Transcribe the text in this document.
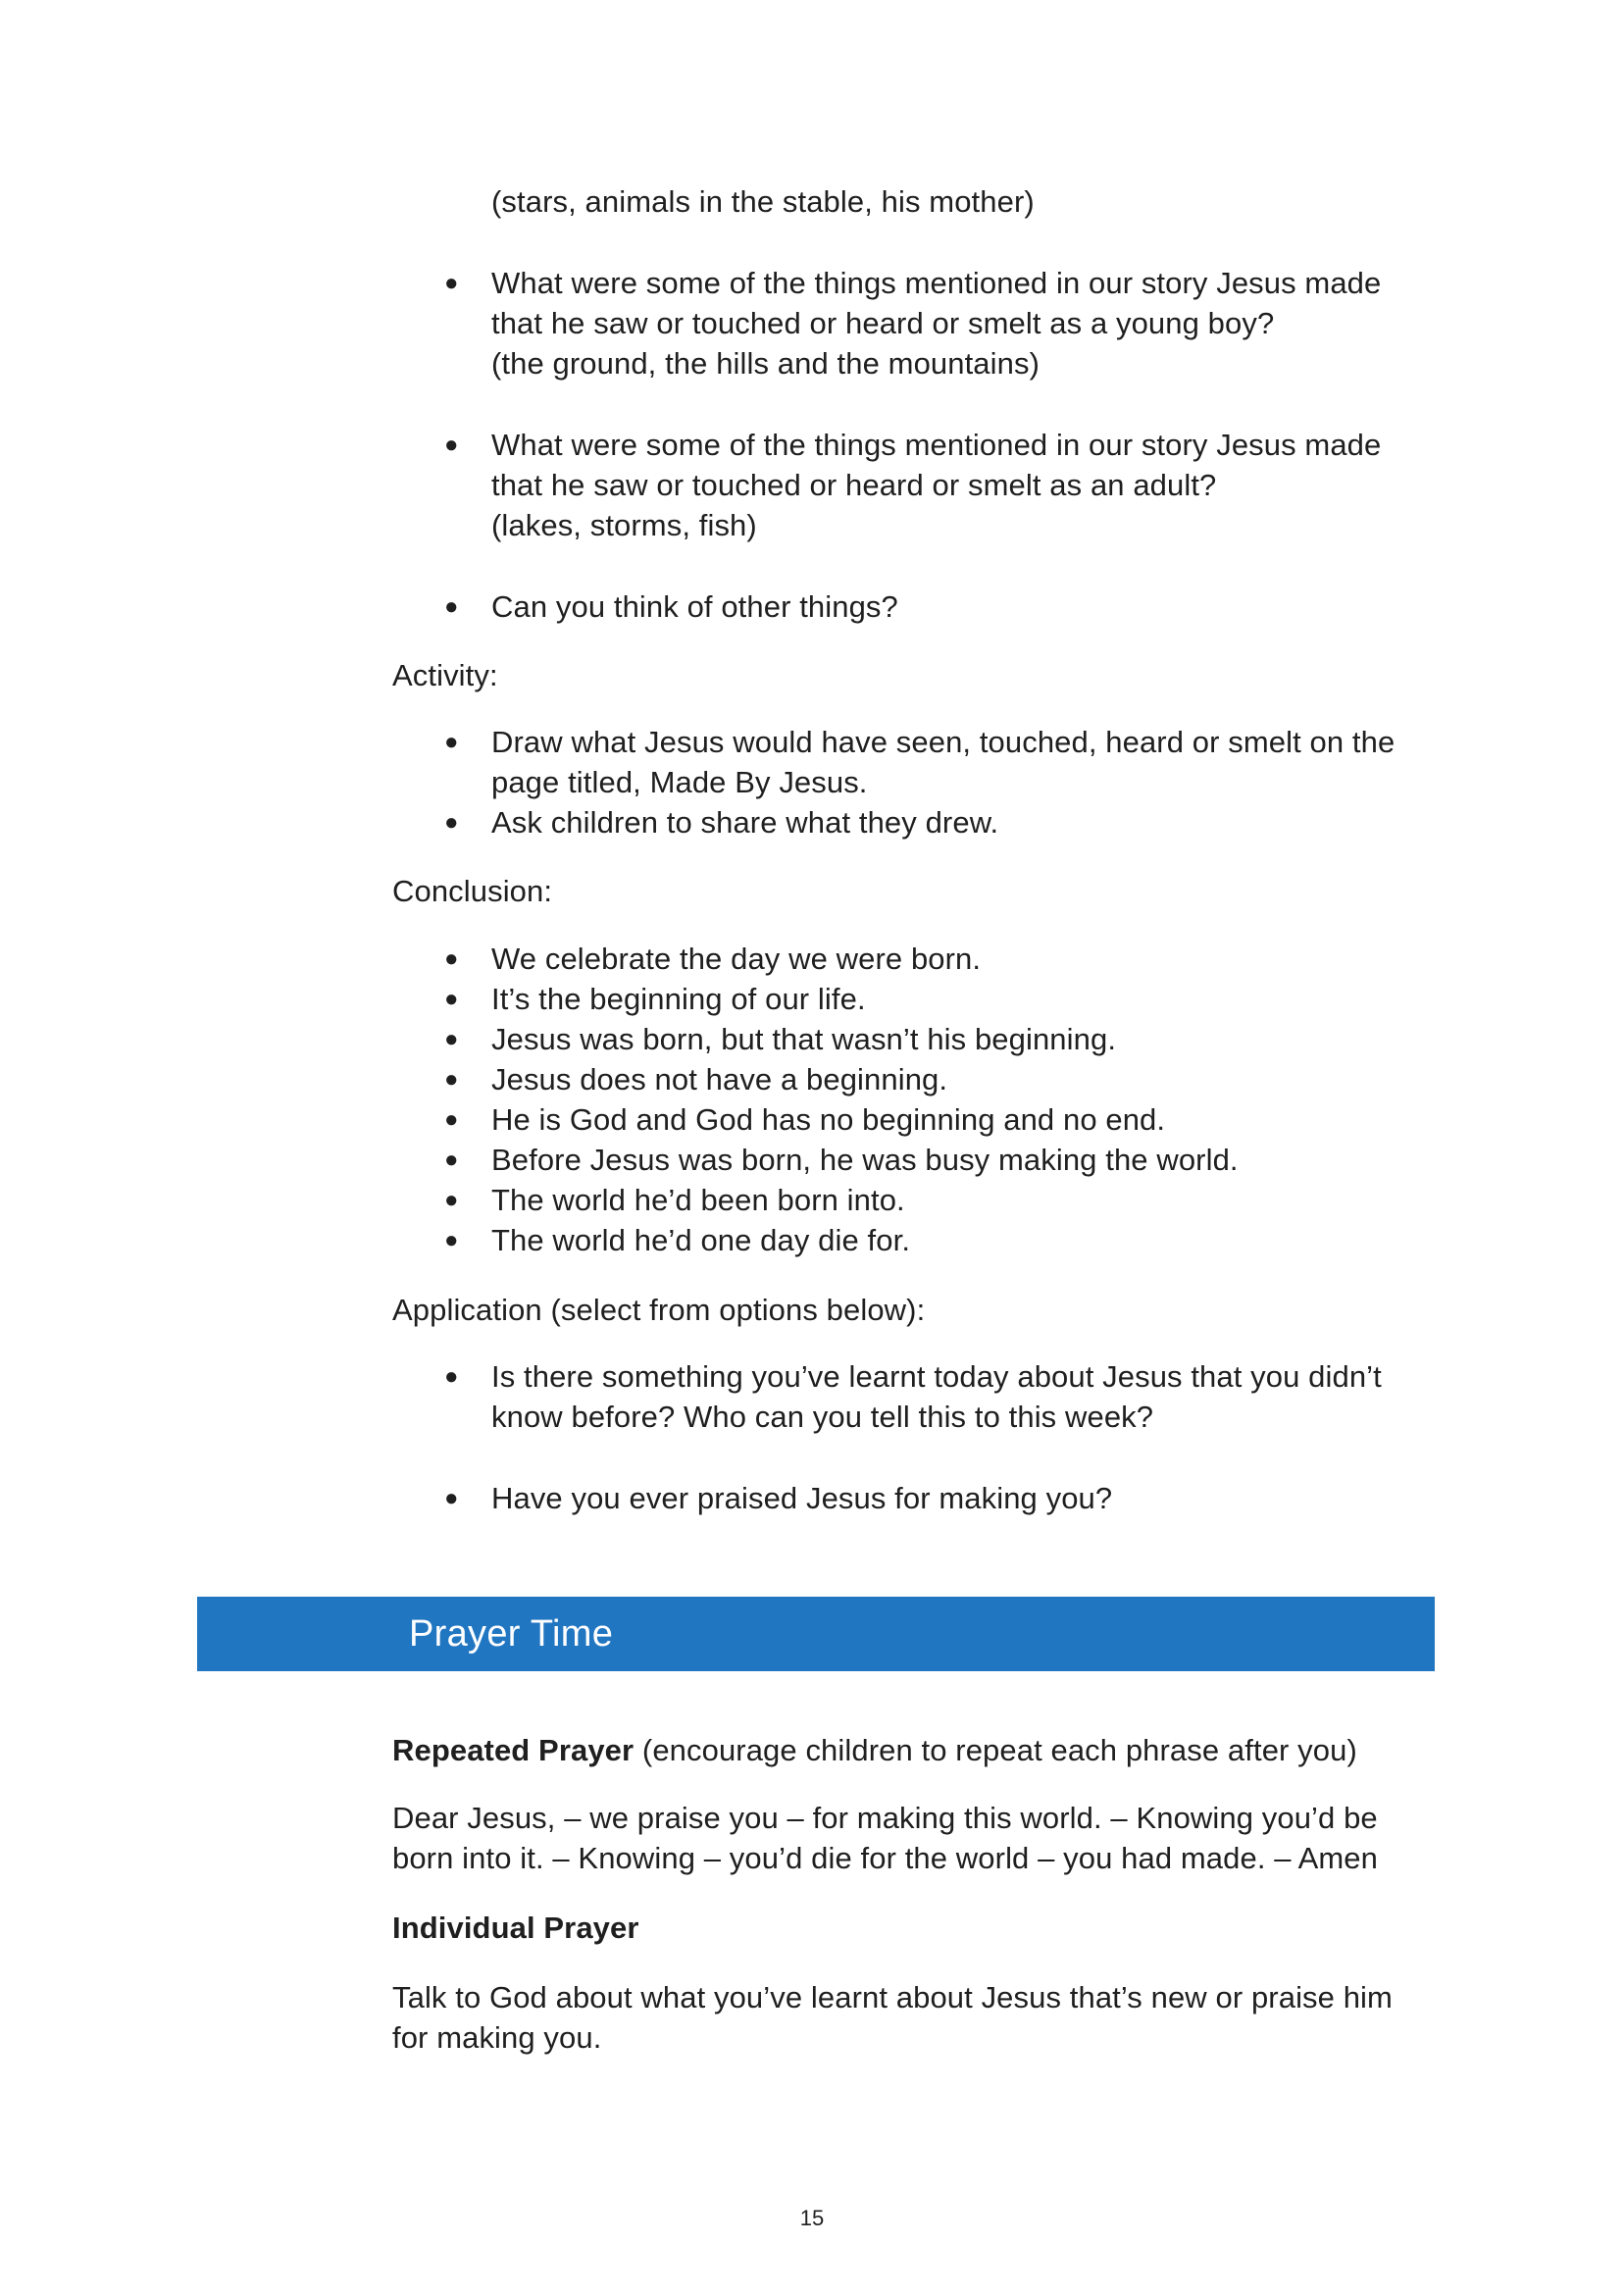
(stars, animals in the stable, his mother)
● What were some of the things mentioned in our story Jesus made
that he saw or touched or heard or smelt as a young boy?
(the ground, the hills and the mountains)
● What were some of the things mentioned in our story Jesus made
that he saw or touched or heard or smelt as an adult?
(lakes, storms, fish)
● Can you think of other things?
Activity:
● Draw what Jesus would have seen, touched, heard or smelt on the
page titled, Made By Jesus.
● Ask children to share what they drew.
Conclusion:
● We celebrate the day we were born.
● It’s the beginning of our life.
● Jesus was born, but that wasn’t his beginning.
● Jesus does not have a beginning.
● He is God and God has no beginning and no end.
● Before Jesus was born, he was busy making the world.
● The world he’d been born into.
● The world he’d one day die for.
Application (select from options below):
● Is there something you’ve learnt today about Jesus that you didn’t
know before? Who can you tell this to this week?
● Have you ever praised Jesus for making you?
Prayer Time
Repeated Prayer (encourage children to repeat each phrase after you)
Dear Jesus, – we praise you – for making this world. – Knowing you’d be
born into it. – Knowing – you’d die for the world – you had made. – Amen
Individual Prayer
Talk to God about what you’ve learnt about Jesus that’s new or praise him
for making you.
15
